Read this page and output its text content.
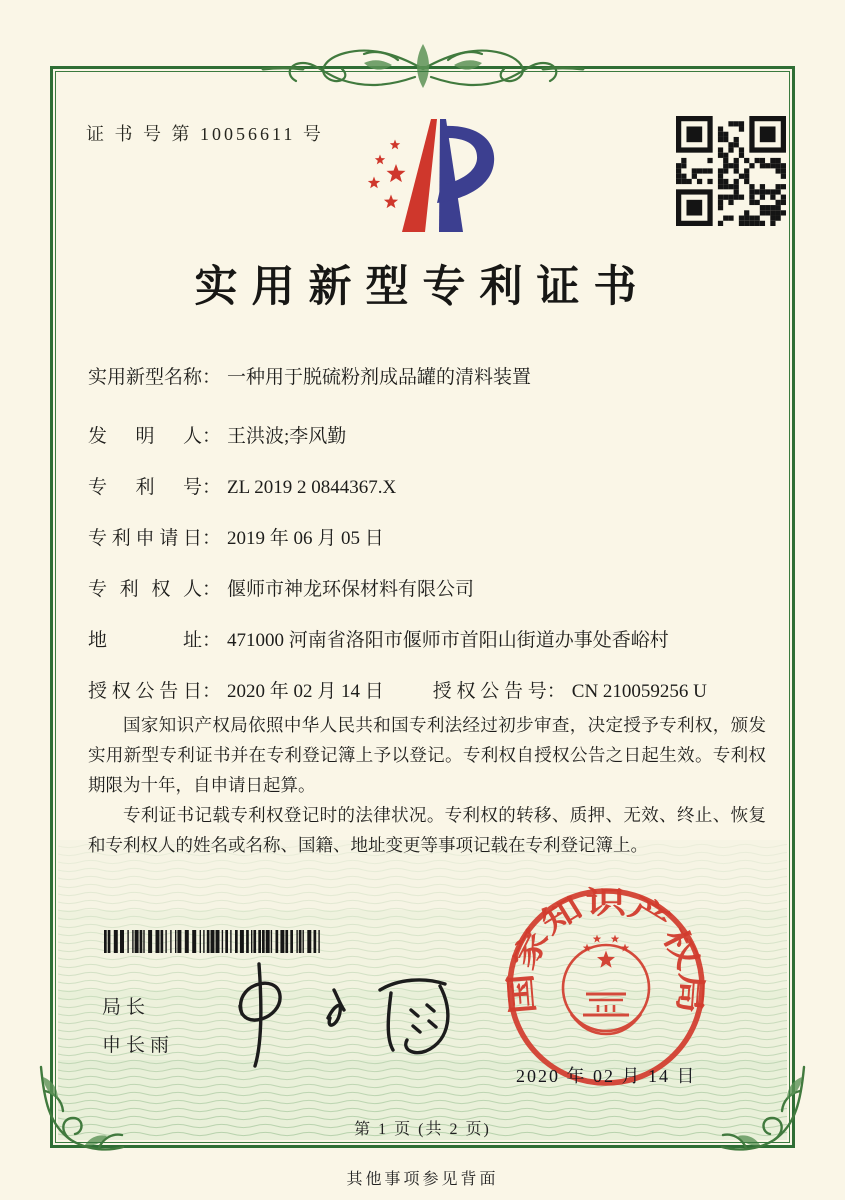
证 书 号 第 10056611 号
实用新型专利证书
实用新型名称： 一种用于脱硫粉剂成品罐的清料装置
发明人： 王洪波;李风勤
专利号： ZL 2019 2 0844367.X
专利申请日： 2019 年 06 月 05 日
专利权人： 偃师市神龙环保材料有限公司
地址： 471000 河南省洛阳市偃师市首阳山街道办事处香峪村
授权公告日： 2020 年 02 月 14 日	授权公告号： CN 210059256 U

国家知识产权局依照中华人民共和国专利法经过初步审查，决定授予专利权，颁发实用新型专利证书并在专利登记簿上予以登记。专利权自授权公告之日起生效。专利权期限为十年，自申请日起算。

专利证书记载专利权登记时的法律状况。专利权的转移、质押、无效、终止、恢复和专利权人的姓名或名称、国籍、地址变更等事项记载在专利登记簿上。

国家知识产权局
2020 年 02 月 14 日
局长
申长雨
第 1 页 (共 2 页)
其他事项参见背面
